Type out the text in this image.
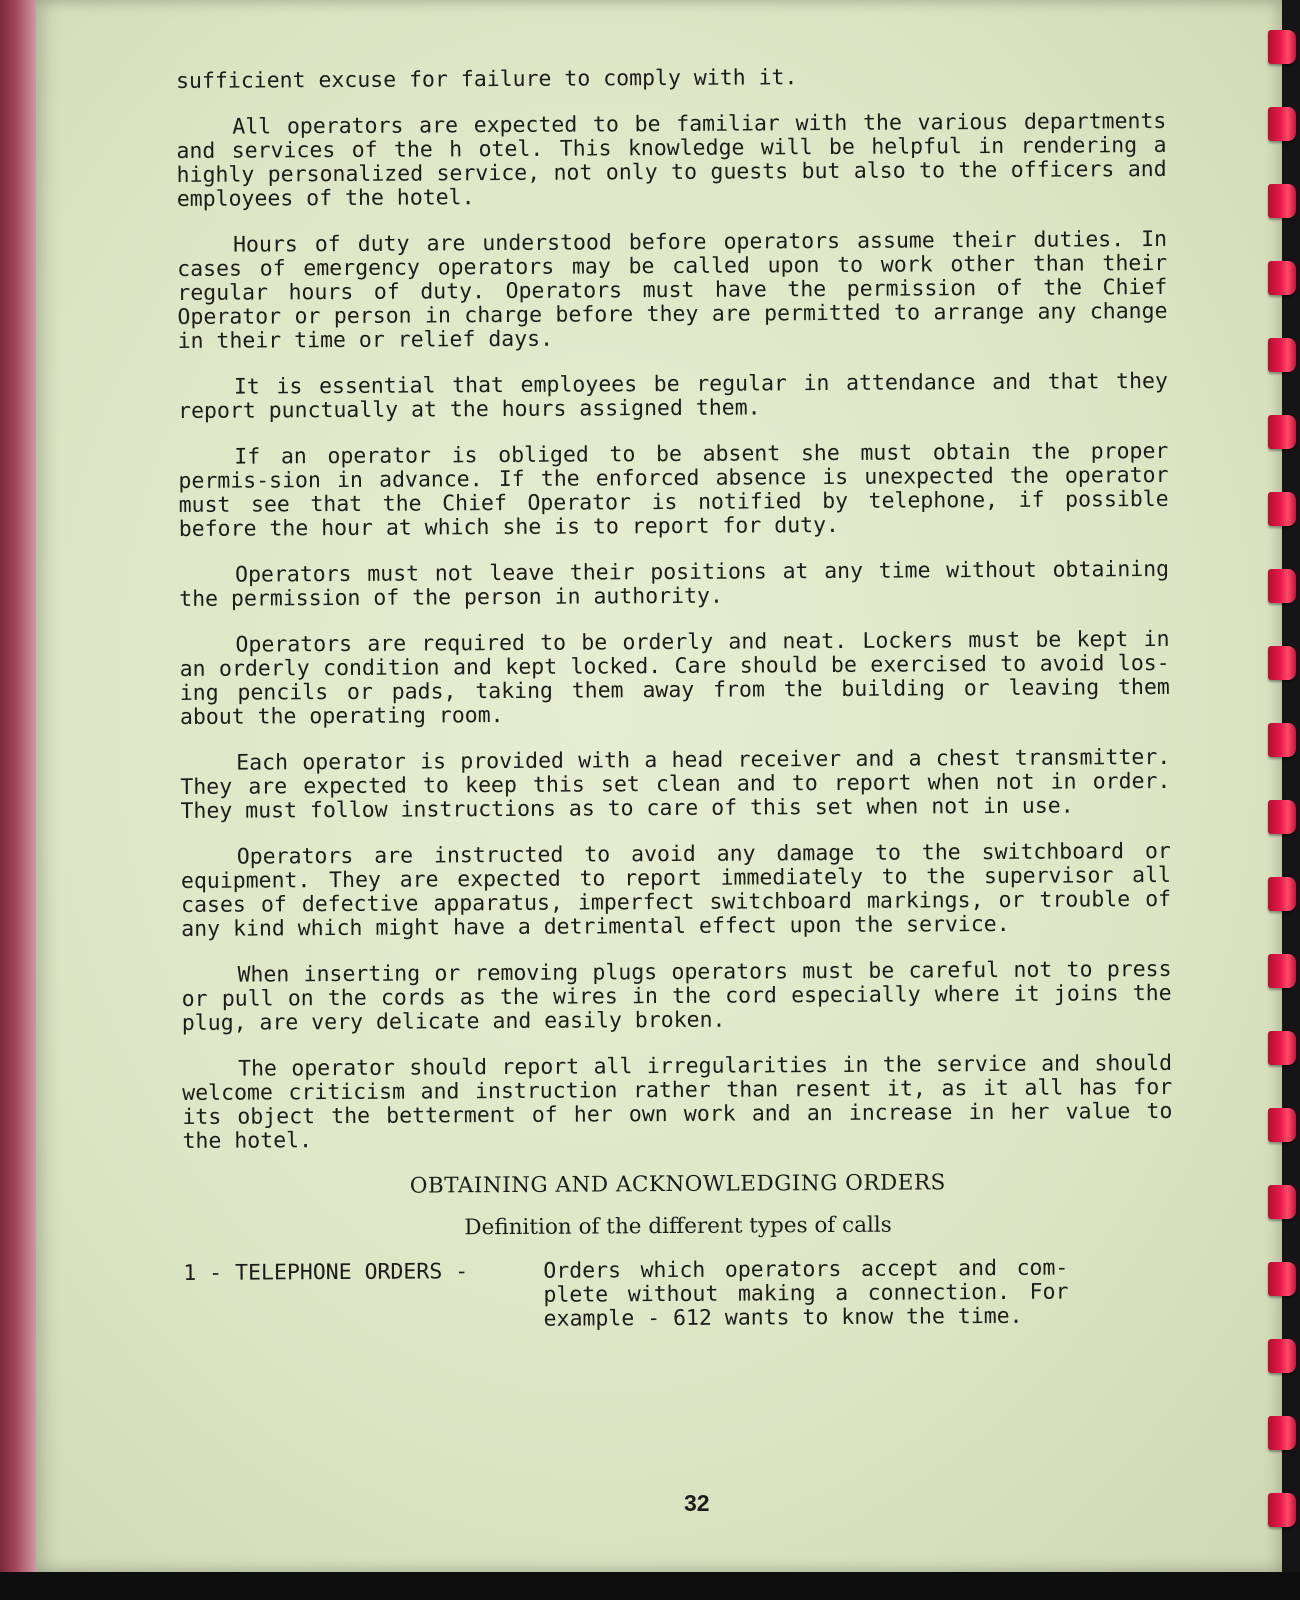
sufficient excuse for failure to comply with it.

All operators are expected to be familiar with the various departments and services of the h otel. This knowledge will be helpful in rendering a highly personalized service, not only to guests but also to the officers and employees of the hotel.

Hours of duty are understood before operators assume their duties. In cases of emergency operators may be called upon to work other than their regular hours of duty. Operators must have the permission of the Chief Operator or person in charge before they are permitted to arrange any change in their time or relief days.

It is essential that employees be regular in attendance and that they report punctually at the hours assigned them.

If an operator is obliged to be absent she must obtain the proper permis-sion in advance. If the enforced absence is unexpected the operator must see that the Chief Operator is notified by telephone, if possible before the hour at which she is to report for duty.

Operators must not leave their positions at any time without obtaining the permission of the person in authority.

Operators are required to be orderly and neat. Lockers must be kept in an orderly condition and kept locked. Care should be exercised to avoid los-ing pencils or pads, taking them away from the building or leaving them about the operating room.

Each operator is provided with a head receiver and a chest transmitter. They are expected to keep this set clean and to report when not in order. They must follow instructions as to care of this set when not in use.

Operators are instructed to avoid any damage to the switchboard or equipment. They are expected to report immediately to the supervisor all cases of defective apparatus, imperfect switchboard markings, or trouble of any kind which might have a detrimental effect upon the service.

When inserting or removing plugs operators must be careful not to press or pull on the cords as the wires in the cord especially where it joins the plug, are very delicate and easily broken.

The operator should report all irregularities in the service and should welcome criticism and instruction rather than resent it, as it all has for its object the betterment of her own work and an increase in her value to the hotel.

OBTAINING AND ACKNOWLEDGING ORDERS
Definition of the different types of calls
1 - TELEPHONE ORDERS -	Orders which operators accept and com-plete without making a connection. For example - 612 wants to know the time.
32
